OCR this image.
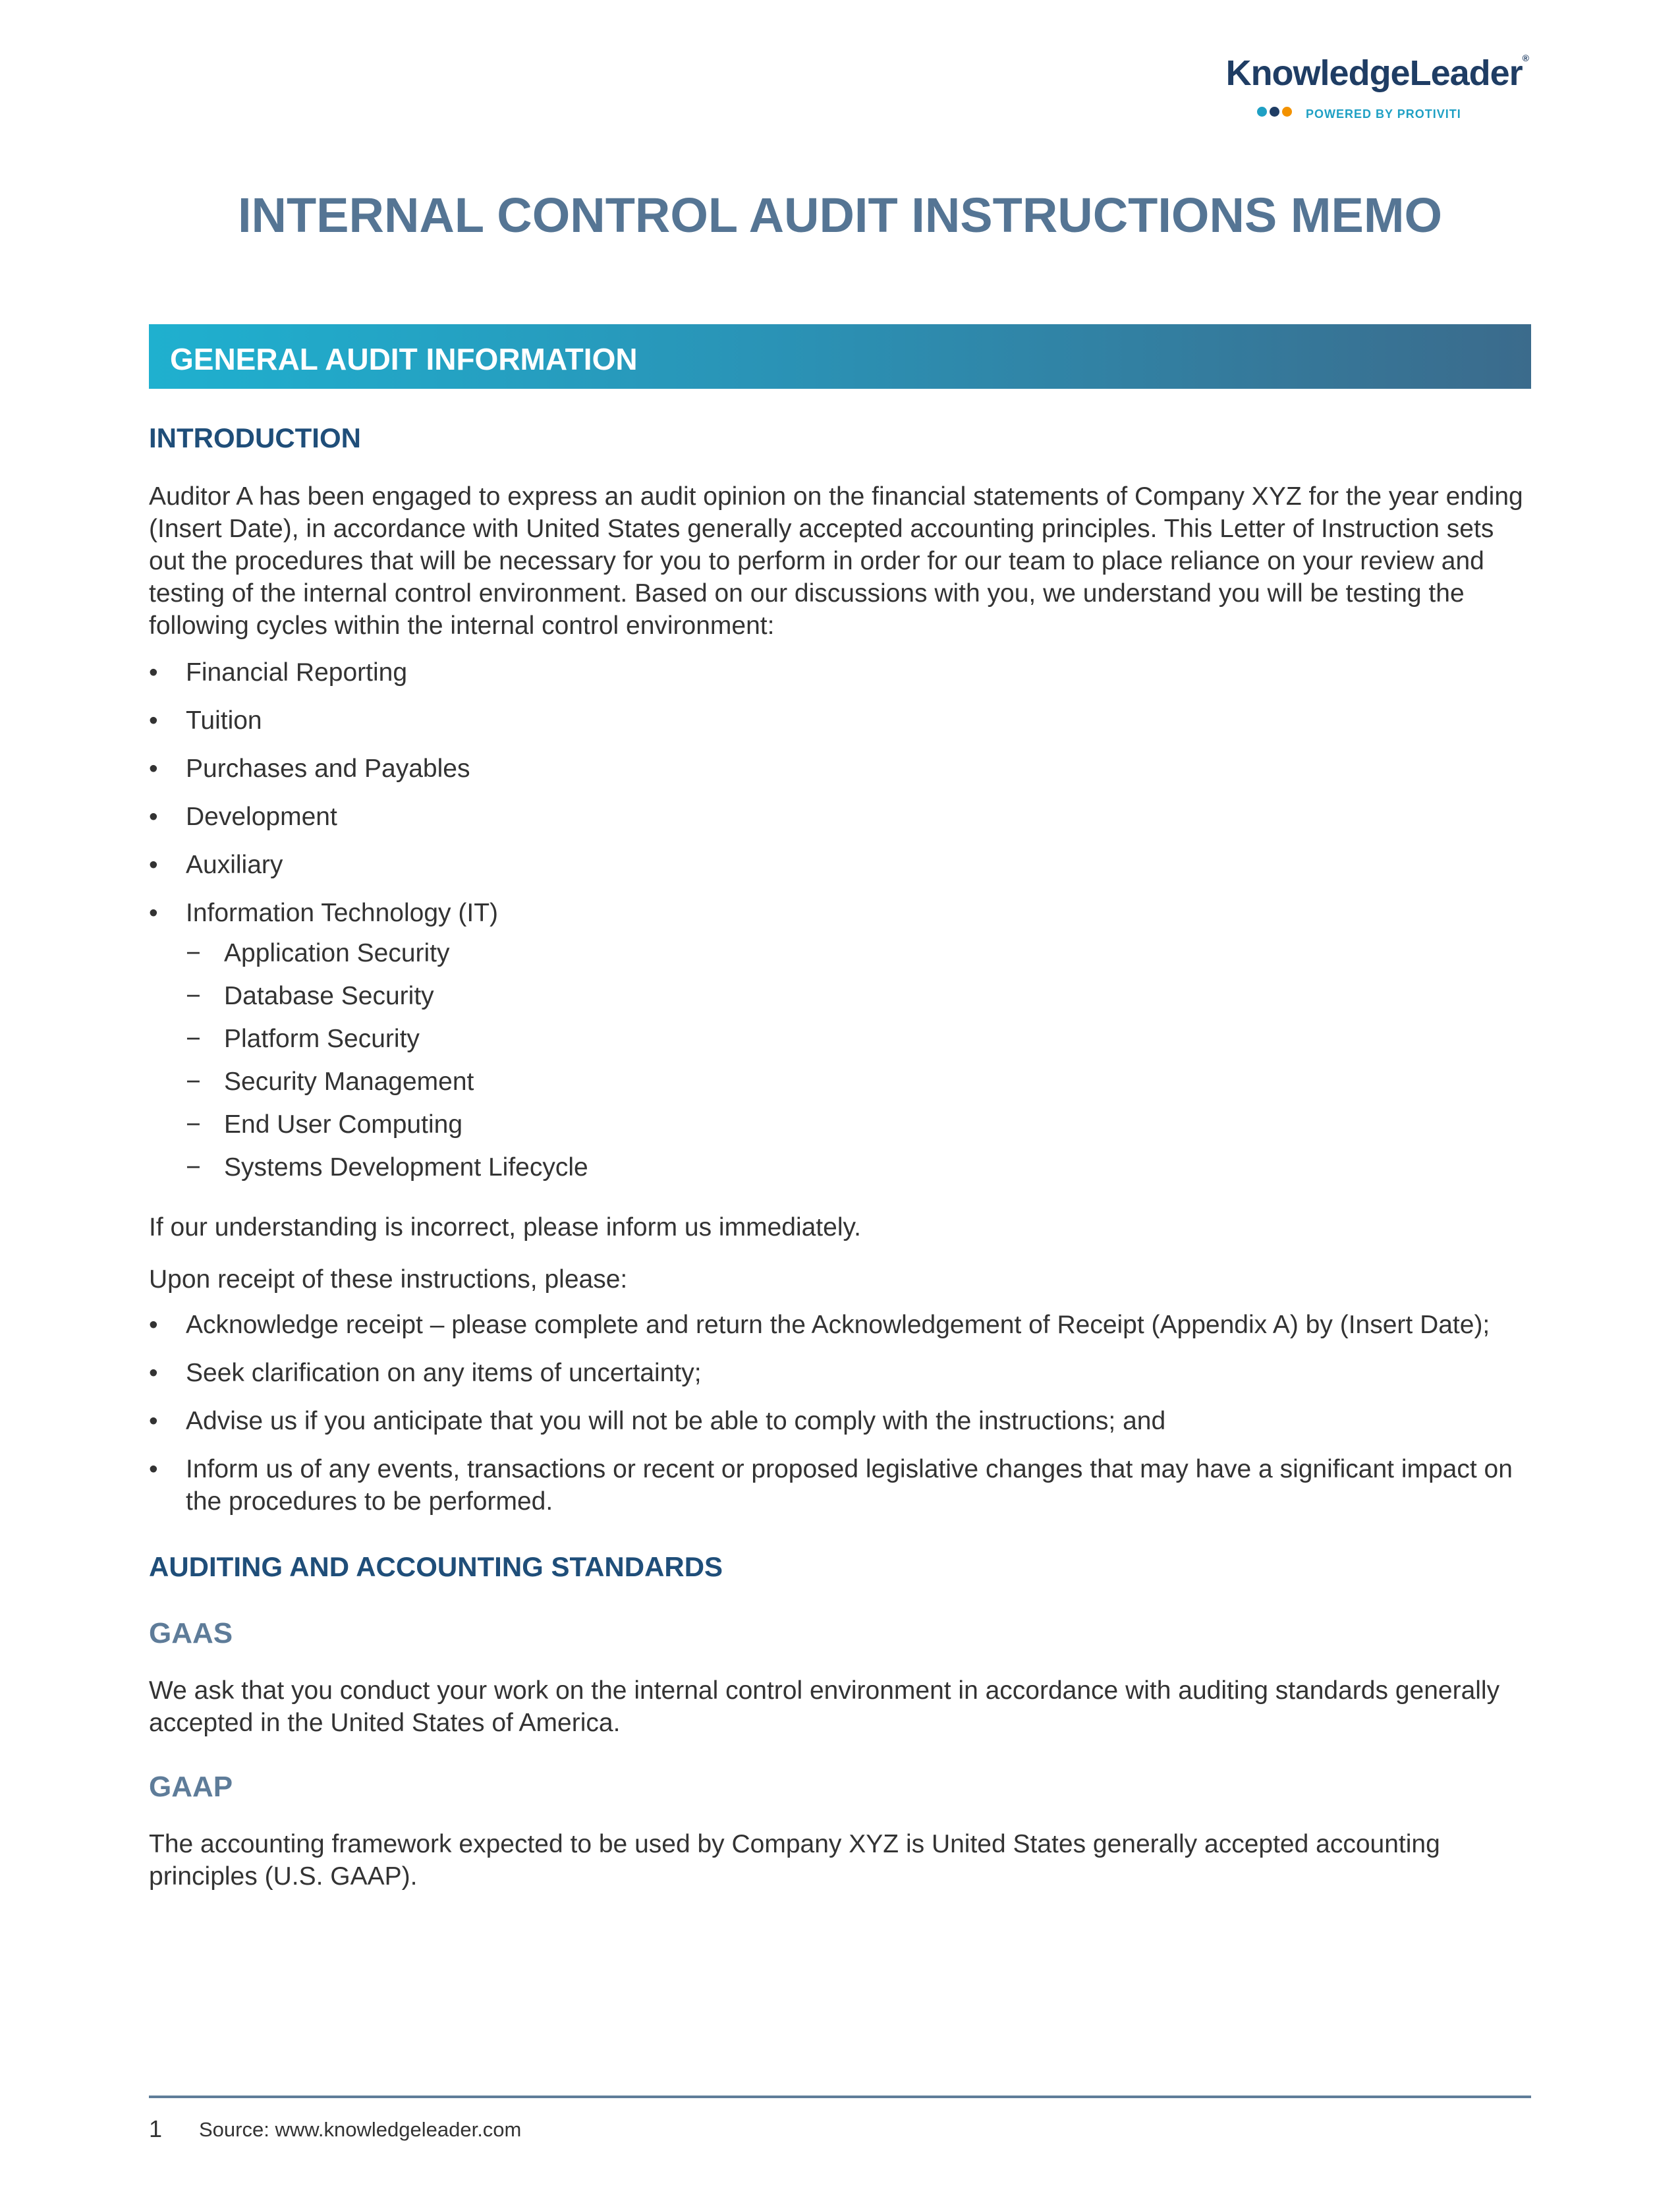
KnowledgeLeader®
POWERED BY PROTIVITI
INTERNAL CONTROL AUDIT INSTRUCTIONS MEMO
GENERAL AUDIT INFORMATION
INTRODUCTION

Auditor A has been engaged to express an audit opinion on the financial statements of Company XYZ for the year ending (Insert Date), in accordance with United States generally accepted accounting principles. This Letter of Instruction sets out the procedures that will be necessary for you to perform in order for our team to place reliance on your review and testing of the internal control environment. Based on our discussions with you, we understand you will be testing the following cycles within the internal control environment:

• Financial Reporting
• Tuition
• Purchases and Payables
• Development
• Auxiliary
• Information Technology (IT)
− Application Security
− Database Security
− Platform Security
− Security Management
− End User Computing
− Systems Development Lifecycle

If our understanding is incorrect, please inform us immediately.

Upon receipt of these instructions, please:

• Acknowledge receipt – please complete and return the Acknowledgement of Receipt (Appendix A) by (Insert Date);
• Seek clarification on any items of uncertainty;
• Advise us if you anticipate that you will not be able to comply with the instructions; and
• Inform us of any events, transactions or recent or proposed legislative changes that may have a significant impact on the procedures to be performed.
AUDITING AND ACCOUNTING STANDARDS
GAAS

We ask that you conduct your work on the internal control environment in accordance with auditing standards generally accepted in the United States of America.

GAAP

The accounting framework expected to be used by Company XYZ is United States generally accepted accounting principles (U.S. GAAP).

1 Source: www.knowledgeleader.com
